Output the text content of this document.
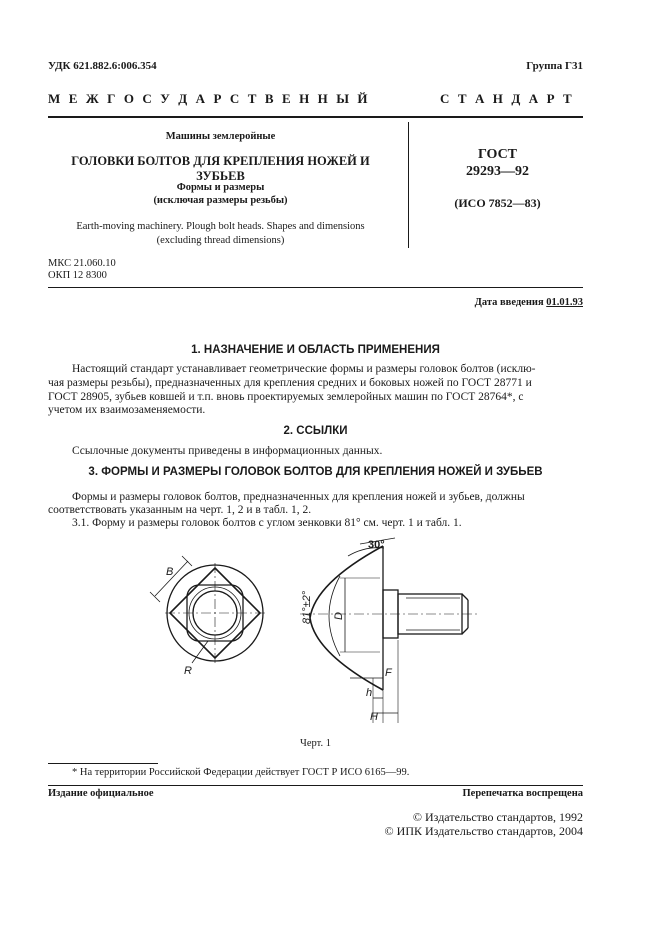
УДК 621.882.6:006.354	Группа Г31
М Е Ж Г О С У Д А Р С Т В Е Н Н Ы Й	С Т А Н Д А Р Т
Машины землеройные
ГОЛОВКИ БОЛТОВ ДЛЯ КРЕПЛЕНИЯ НОЖЕЙ И ЗУБЬЕВ
Формы и размеры
(исключая размеры резьбы)
Earth-moving machinery. Plough bolt heads. Shapes and dimensions
(excluding thread dimensions)
ГОСТ
29293—92
(ИСО 7852—83)
МКС 21.060.10
ОКП 12 8300
Дата введения 01.01.93
1. НАЗНАЧЕНИЕ И ОБЛАСТЬ ПРИМЕНЕНИЯ
Настоящий стандарт устанавливает геометрические формы и размеры головок болтов (исклю-
чая размеры резьбы), предназначенных для крепления средних и боковых ножей по ГОСТ 28771 и
ГОСТ 28905, зубьев ковшей и т.п. вновь проектируемых землеройных машин по ГОСТ 28764*, с
учетом их взаимозаменяемости.
2. ССЫЛКИ
Ссылочные документы приведены в информационных данных.
3. ФОРМЫ И РАЗМЕРЫ ГОЛОВОК БОЛТОВ ДЛЯ КРЕПЛЕНИЯ НОЖЕЙ И ЗУБЬЕВ
Формы и размеры головок болтов, предназначенных для крепления ножей и зубьев, должны
соответствовать указанным на черт. 1, 2 и в табл. 1, 2.
3.1. Форму и размеры головок болтов с углом зенковки 81° см. черт. 1 и табл. 1.
B
R
30°
81°±2° D
F
h
H
Черт. 1
* На территории Российской Федерации действует ГОСТ Р ИСО 6165—99.
Издание официальное	Перепечатка воспрещена
© Издательство стандартов, 1992
© ИПК Издательство стандартов, 2004
